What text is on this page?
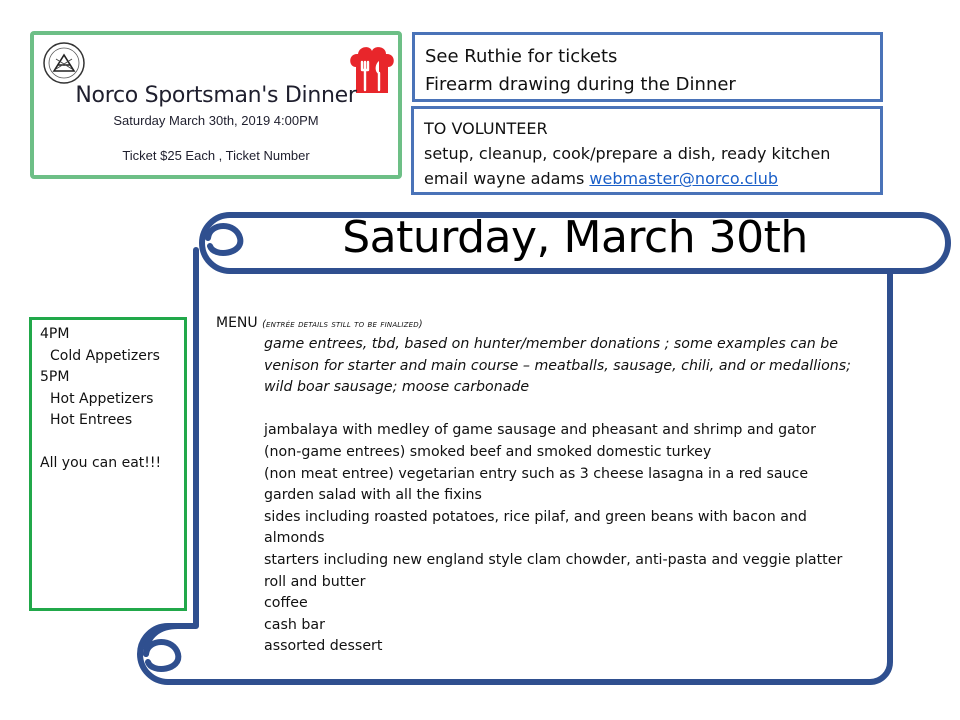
Norco Sportsman's Dinner
Saturday March 30th, 2019 4:00PM
Ticket $25 Each , Ticket Number
See Ruthie for tickets
Firearm drawing during the Dinner
TO VOLUNTEER
setup, cleanup, cook/prepare a dish, ready kitchen
email wayne adams webmaster@norco.club
4PM
Cold Appetizers
5PM
Hot Appetizers
Hot Entrees
All you can eat!!!
Saturday, March 30th
MENU (entrée details still to be finalized)
game entrees, tbd, based on hunter/member donations ; some examples can be
venison for starter and main course – meatballs, sausage, chili, and or medallions;
wild boar sausage; moose carbonade
jambalaya with medley of game sausage and pheasant and shrimp and gator
(non-game entrees) smoked beef and smoked domestic turkey
(non meat entree) vegetarian entry such as 3 cheese lasagna in a red sauce
garden salad with all the fixins
sides including roasted potatoes, rice pilaf, and green beans with bacon and
almonds
starters including new england style clam chowder, anti-pasta and veggie platter
roll and butter
coffee
cash bar
assorted dessert
